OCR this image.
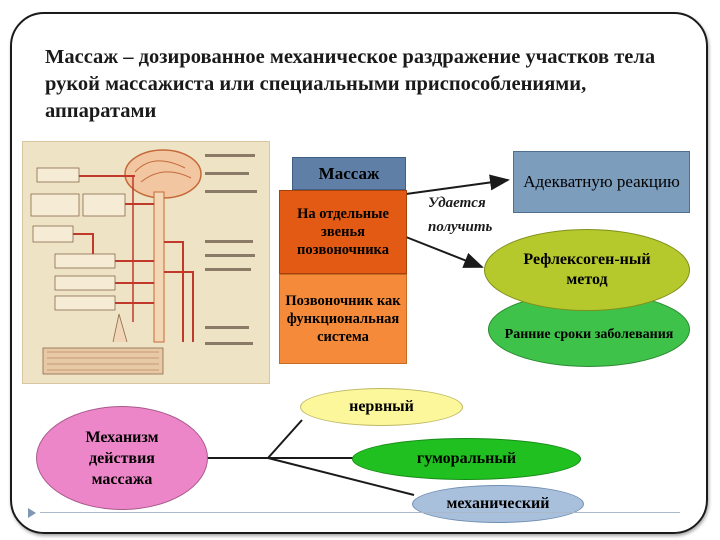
Массаж – дозированное механическое раздражение участков тела рукой массажиста или специальными приспособлениями, аппаратами
Массаж
На отдельные звенья позвоночника
Позвоночник как функциональная система
Удается
получить
Адекватную реакцию
Ранние сроки заболевания
Рефлексоген-ный метод
Механизм действия массажа
нервный
гуморальный
механический
